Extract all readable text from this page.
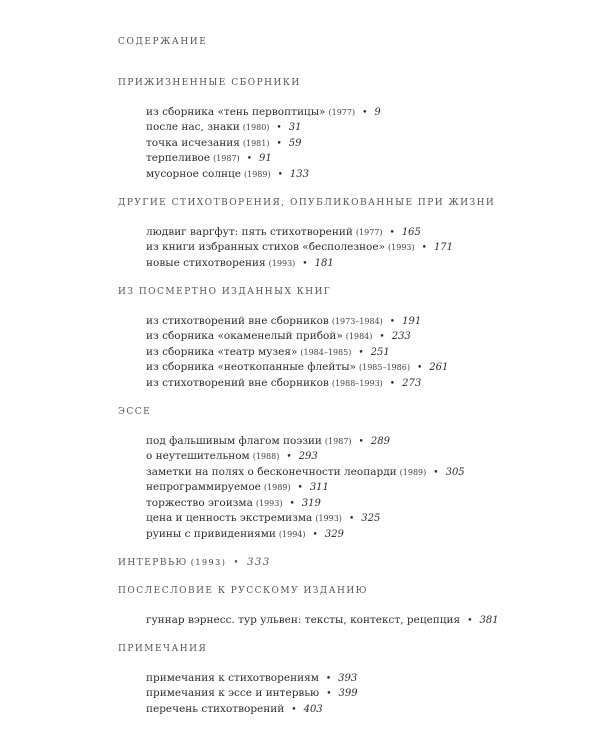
СОДЕРЖАНИЕ
ПРИЖИЗНЕННЫЕ СБОРНИКИ
из сборника «тень первоптицы» (1977) • 9
после нас, знаки (1980) • 31
точка исчезания (1981) • 59
терпеливое (1987) • 91
мусорное солнце (1989) • 133
ДРУГИЕ СТИХОТВОРЕНИЯ, ОПУБЛИКОВАННЫЕ ПРИ ЖИЗНИ
людвиг варгфут: пять стихотворений (1977) • 165
из книги избранных стихов «бесполезное» (1993) • 171
новые стихотворения (1993) • 181
ИЗ ПОСМЕРТНО ИЗДАННЫХ КНИГ
из стихотворений вне сборников (1973–1984) • 191
из сборника «окаменелый прибой» (1984) • 233
из сборника «театр музея» (1984–1985) • 251
из сборника «неоткопанные флейты» (1985–1986) • 261
из стихотворений вне сборников (1988–1993) • 273
ЭССЕ
под фальшивым флагом поэзии (1987) • 289
о неутешительном (1988) • 293
заметки на полях о бесконечности леопарди (1989) • 305
непрограммируемое (1989) • 311
торжество эгоизма (1993) • 319
цена и ценность экстремизма (1993) • 325
руины с привидениями (1994) • 329
ИНТЕРВЬЮ (1993) • 333
ПОСЛЕСЛОВИЕ К РУССКОМУ ИЗДАНИЮ
гуннар вэрнесс. тур ульвен: тексты, контекст, рецепция • 381
ПРИМЕЧАНИЯ
примечания к стихотворениям • 393
примечания к эссе и интервью • 399
перечень стихотворений • 403
